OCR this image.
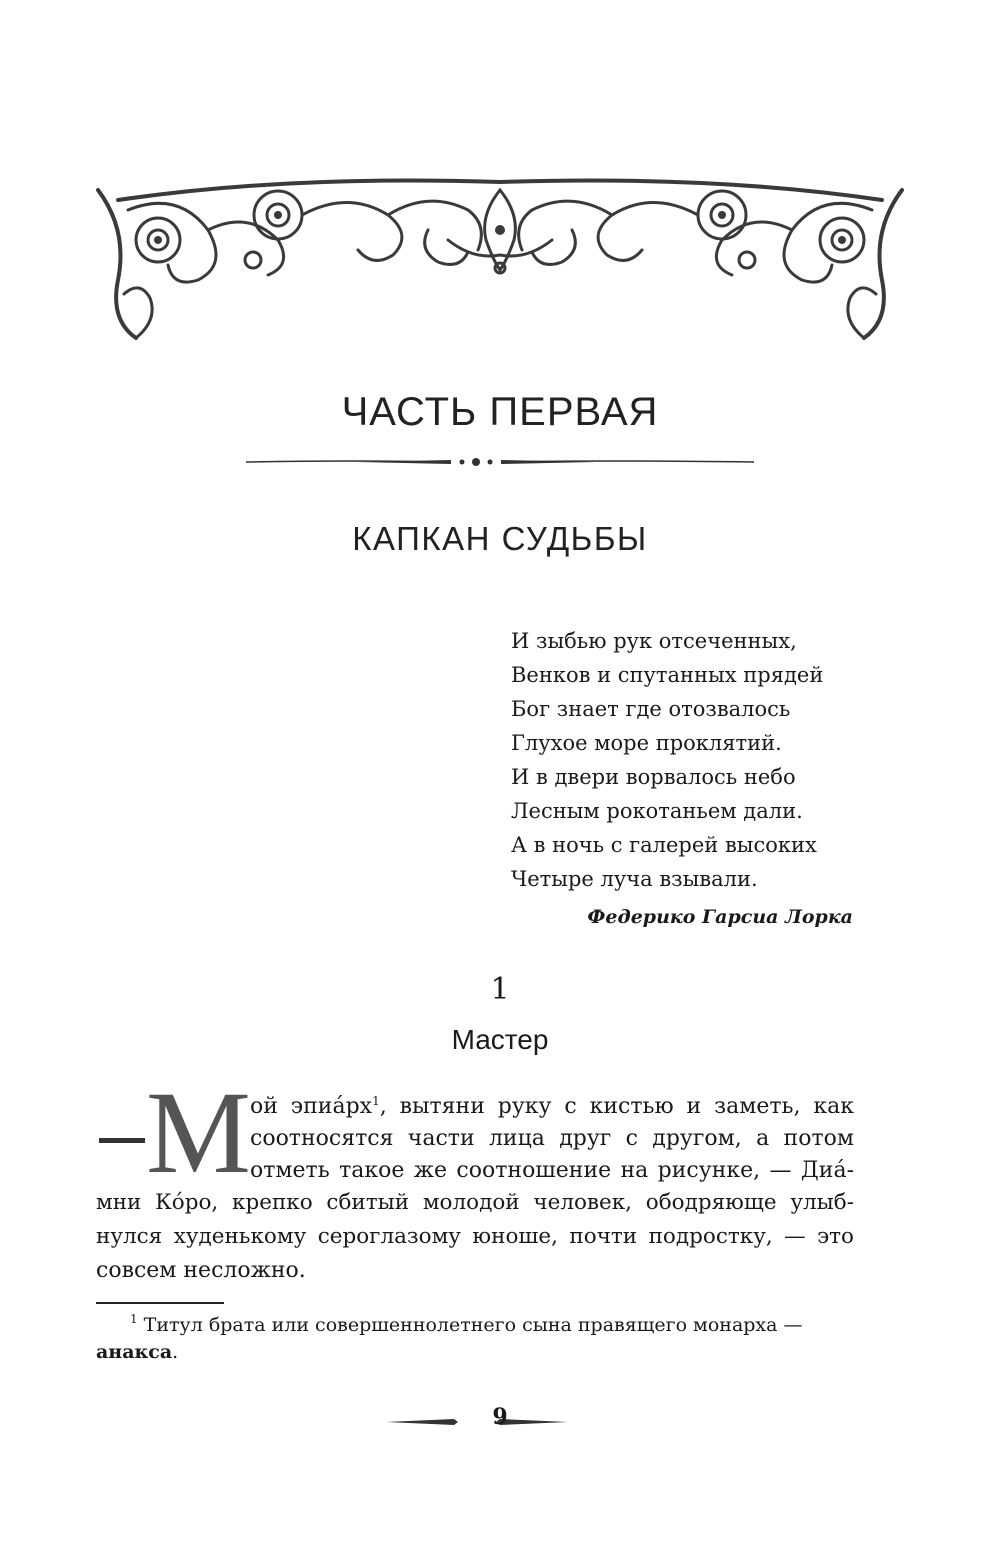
ЧАСТЬ ПЕРВАЯ
КАПКАН СУДЬБЫ
И зыбью рук отсеченных,
Венков и спутанных прядей
Бог знает где отозвалось
Глухое море проклятий.
И в двери ворвалось небо
Лесным рокотаньем дали.
А в ночь с галерей высоких
Четыре луча взывали.
Федерико Гарсиа Лорка
1
Мастер
М ой эпиáрх$^1$, вытяни руку с кистью и заметь, как
соотносятся части лица друг с другом, а потом
отметь такое же соотношение на рисунке, — Диá-
мни Кóро, крепко сбитый молодой человек, ободряюще улыб-
нулся худенькому сероглазому юноше, почти подростку, — это
совсем несложно.
$^1$ Титул брата или совершеннолетнего сына правящего монарха —
анакса.
9
